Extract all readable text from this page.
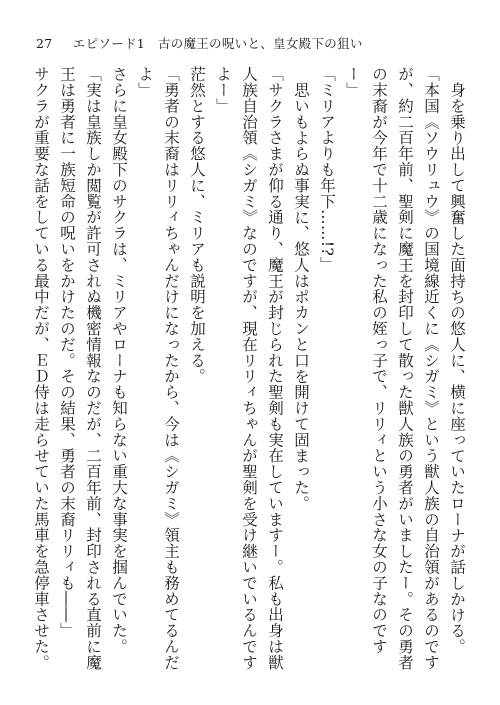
27 エピソード1　古の魔王の呪いと、皇女殿下の狙い

身を乗り出して興奮した面持ちの悠人に、横に座っていたローナが話しかける。

「本国《ソウリュウ》の国境線近くに《シガミ》という獣人族の自治領があるのですが、約二百年前、聖剣に魔王を封印して散った獣人族の勇者がいましたー。その勇者の末裔が今年で十二歳になった私の姪っ子で、リリィという小さな女の子なのですー」

「ミリアよりも年下……!?」

思いもよらぬ事実に、悠人はポカンと口を開けて固まった。

「サクラさまが仰る通り、魔王が封じられた聖剣も実在していますー。私も出身は獣人族自治領《シガミ》なのですが、現在リリィちゃんが聖剣を受け継いでいるんですよー」

茫然とする悠人に、ミリアも説明を加える。

「勇者の末裔はリリィちゃんだけになったから、今は《シガミ》領主も務めてるんだよ」

さらに皇女殿下のサクラは、ミリアやローナも知らない重大な事実を掴んでいた。

「実は皇族しか閲覧が許可されぬ機密情報なのだが、二百年前、封印される直前に魔王は勇者に一族短命の呪いをかけたのだ。その結果、勇者の末裔リリィも――」

サクラが重要な話をしている最中だが、ＥＤ侍は走らせていた馬車を急停車させた。
